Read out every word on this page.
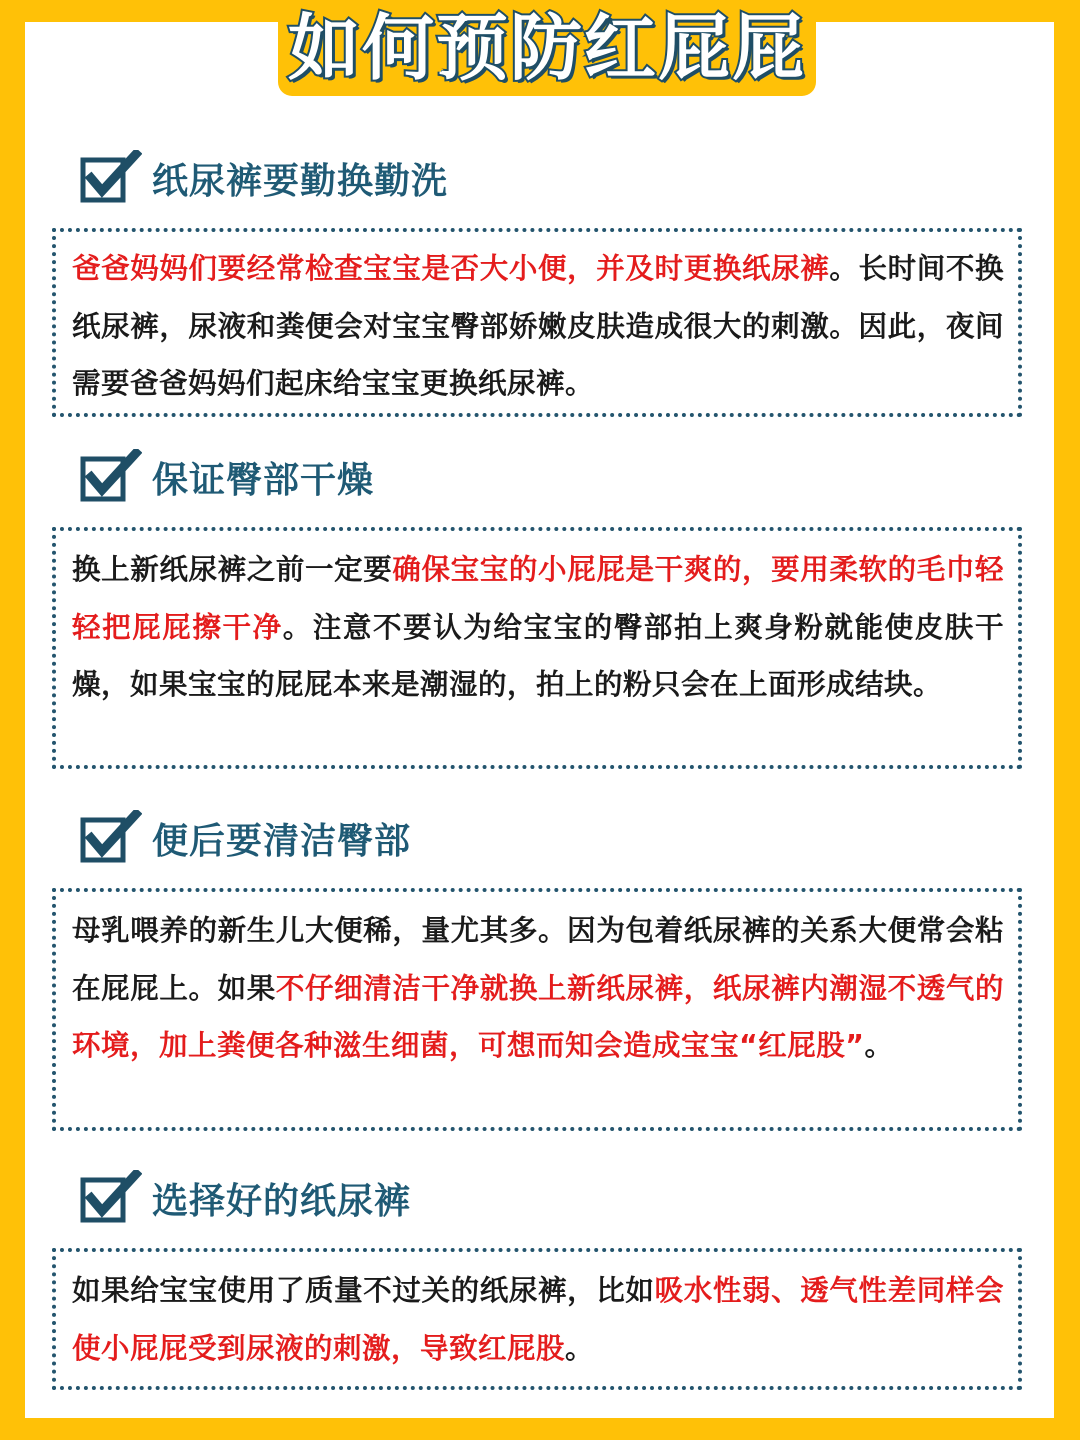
如何预防红屁屁
纸尿裤要勤换勤洗

爸爸妈妈们要经常检查宝宝是否大小便，并及时更换纸尿裤。长时间不换纸尿裤，尿液和粪便会对宝宝臀部娇嫩皮肤造成很大的刺激。因此，夜间需要爸爸妈妈们起床给宝宝更换纸尿裤。

保证臀部干燥

换上新纸尿裤之前一定要确保宝宝的小屁屁是干爽的，要用柔软的毛巾轻轻把屁屁擦干净。注意不要认为给宝宝的臀部拍上爽身粉就能使皮肤干燥，如果宝宝的屁屁本来是潮湿的，拍上的粉只会在上面形成结块。

便后要清洁臀部

母乳喂养的新生儿大便稀，量尤其多。因为包着纸尿裤的关系大便常会粘在屁屁上。如果不仔细清洁干净就换上新纸尿裤，纸尿裤内潮湿不透气的环境，加上粪便各种滋生细菌，可想而知会造成宝宝“红屁股”。

选择好的纸尿裤

如果给宝宝使用了质量不过关的纸尿裤，比如吸水性弱、透气性差同样会使小屁屁受到尿液的刺激，导致红屁股。
